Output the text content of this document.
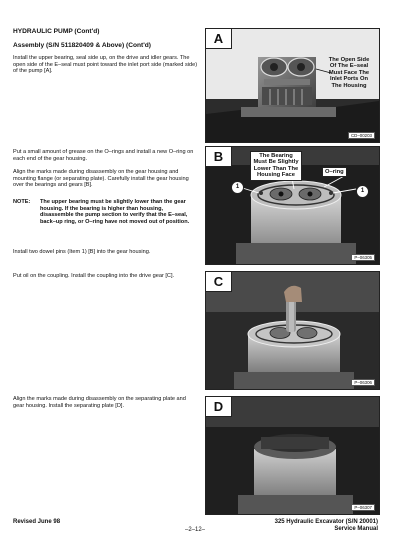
HYDRAULIC PUMP (Cont'd)
Assembly (S/N 511820409 & Above) (Cont'd)
Install the upper bearing, seal side up, on the drive and idler gears. The open side of the E–seal must point toward the inlet port side (marked side) of the pump [A].
Put a small amount of grease on the O–rings and install a new O–ring on each end of the gear housing.
Align the marks made during disassembly on the gear housing and mounting flange (or separating plate). Carefully install the gear housing over the bearings and gears [B].
NOTE: The upper bearing must be slightly lower than the gear housing. If the bearing is higher than housing, disassemble the pump section to verify that the E–seal, back–up ring, or O–ring have not moved out of position.
Install two dowel pins (Item 1) [B] into the gear housing.
Put oil on the coupling. Install the coupling into the drive gear [C].
Align the marks made during disassembly on the separating plate and gear housing. Install the separating plate [D].
A
The Open Side Of The E–seal Must Face The Inlet Ports On The Housing
CD–00203
B	The Bearing Must Be Slightly Lower Than The Housing Face
O–ring
1
1
P–06305
C
P–06306
D
P–06307
Revised June 98
–2–12–
325 Hydraulic Excavator (S/N 20001)
Service Manual
